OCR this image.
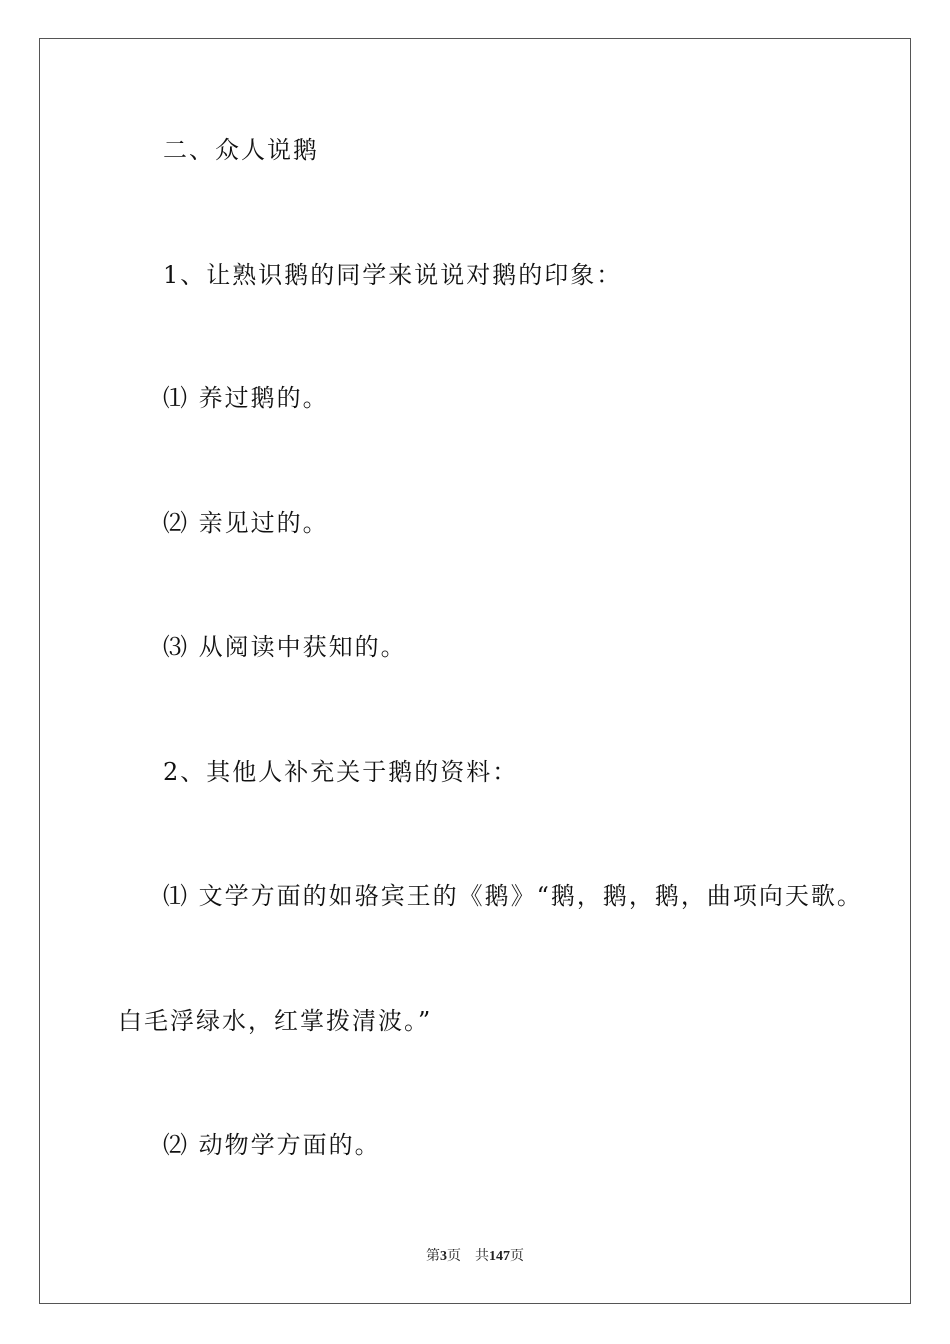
二、众人说鹅
1、让熟识鹅的同学来说说对鹅的印象：
⑴ 养过鹅的。
⑵ 亲见过的。
⑶ 从阅读中获知的。
2、其他人补充关于鹅的资料：
⑴ 文学方面的如骆宾王的《鹅》“鹅，鹅，鹅，曲项向天歌。
白毛浮绿水，红掌拨清波。”
⑵ 动物学方面的。
第3页 共147页
